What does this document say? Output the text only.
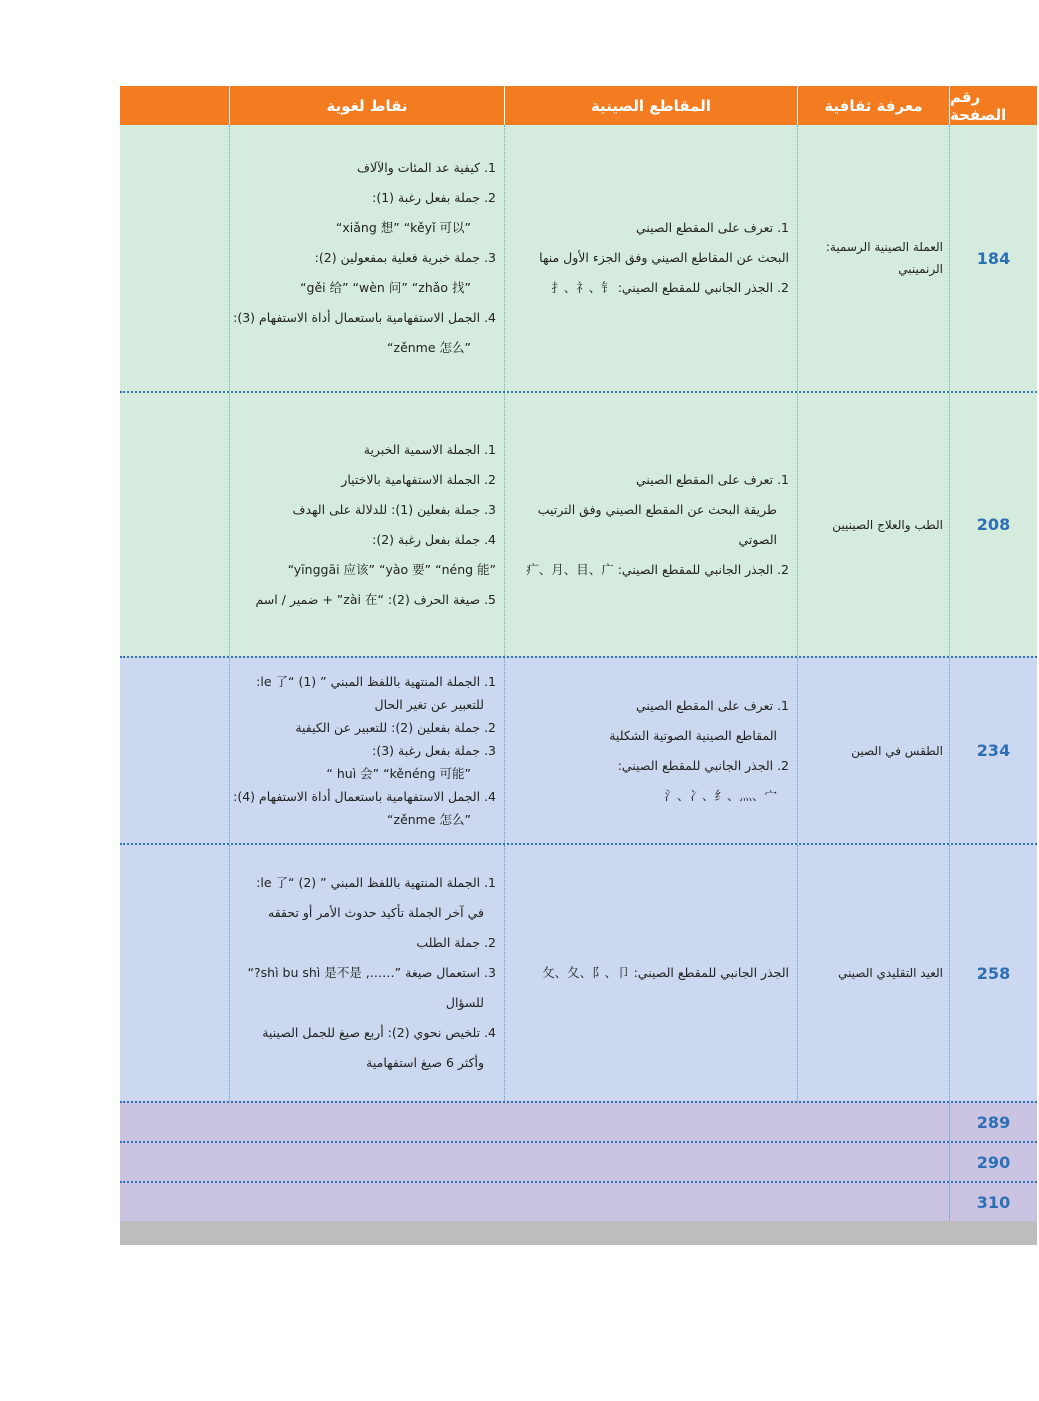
رقم الصفحة
معرفة ثقافية
المقاطع الصينية
نقاط لغوية
184
العملة الصينية الرسمية: الرنمينبي
1. تعرف على المقطع الصيني
البحث عن المقاطع الصيني وفق الجزء الأول منها
2. الجذر الجانبي للمقطع الصيني: 扌、礻、钅
1. كيفية عد المئات والآلاف
2. جملة بفعل رغبة (1):
“xiǎng 想” “kěyǐ 可以”
3. جملة خبرية فعلية بمفعولين (2):
“gěi 给” “wèn 问” “zhǎo 找”
4. الجمل الاستفهامية باستعمال أداة الاستفهام (3):
“zěnme 怎么”
208
الطب والعلاج الصينيين
1. تعرف على المقطع الصيني
طريقة البحث عن المقطع الصيني وفق الترتيب
الصوتي
2. الجذر الجانبي للمقطع الصيني: 疒、月、目、广
1. الجملة الاسمية الخبرية
2. الجملة الاستفهامية بالاختيار
3. جملة بفعلين (1): للدلالة على الهدف
4. جملة بفعل رغبة (2):
“yīnggāi 应该” “yào 要” “néng 能”
5. صيغة الحرف (2): “zài 在” + ضمير / اسم
234
الطقس في الصين
1. تعرف على المقطع الصيني
المقاطع الصينية الصوتية الشكلية
2. الجذر الجانبي للمقطع الصيني:
氵、冫、纟、灬、宀
1. الجملة المنتهية باللفظ المبني ” le 了“ (1):
للتعبير عن تغير الحال
2. جملة بفعلين (2): للتعبير عن الكيفية
3. جملة بفعل رغبة (3):
“ huì 会” “kěnéng 可能”
4. الجمل الاستفهامية باستعمال أداة الاستفهام (4):
“zěnme 怎么”
258
العيد التقليدي الصيني
الجذر الجانبي للمقطع الصيني: 攵、夂、阝、卩
1. الجملة المنتهية باللفظ المبني ” le 了“ (2):
في آخر الجملة تأكيد حدوث الأمر أو تحققه
2. جملة الطلب
3. استعمال صيغة ”……, shì bu shì 是不是?“
للسؤال
4. تلخيص نحوي (2): أربع صيغ للجمل الصينية
وأكثر 6 صيغ استفهامية
289
290
310
